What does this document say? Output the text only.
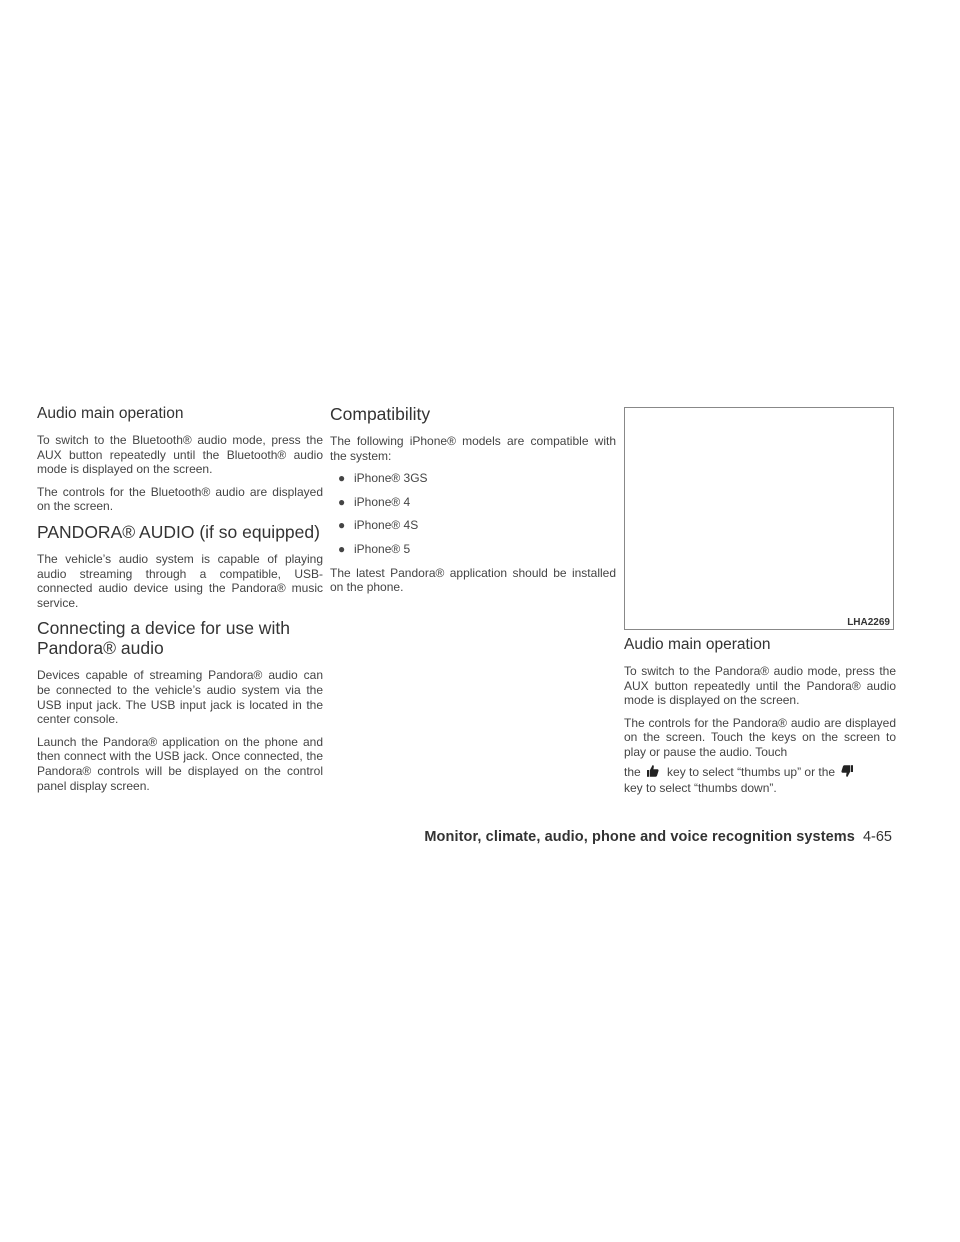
Audio main operation

To switch to the Bluetooth® audio mode, press the AUX button repeatedly until the Bluetooth® audio mode is displayed on the screen.

The controls for the Bluetooth® audio are displayed on the screen.

PANDORA® AUDIO (if so equipped)

The vehicle’s audio system is capable of playing audio streaming through a compatible, USB-connected audio device using the Pandora® music service.

Connecting a device for use with Pandora® audio

Devices capable of streaming Pandora® audio can be connected to the vehicle’s audio system via the USB input jack. The USB input jack is located in the center console.

Launch the Pandora® application on the phone and then connect with the USB jack. Once connected, the Pandora® controls will be displayed on the control panel display screen.

Compatibility

The following iPhone® models are compatible with the system:

● iPhone® 3GS
● iPhone® 4
● iPhone® 4S
● iPhone® 5

The latest Pandora® application should be installed on the phone.

LHA2269
Audio main operation

To switch to the Pandora® audio mode, press the AUX button repeatedly until the Pandora® audio mode is displayed on the screen.

The controls for the Pandora® audio are displayed on the screen. Touch the keys on the screen to play or pause the audio. Touch

the key to select “thumbs up” or the
key to select “thumbs down”.

Monitor, climate, audio, phone and voice recognition systems 4-65
